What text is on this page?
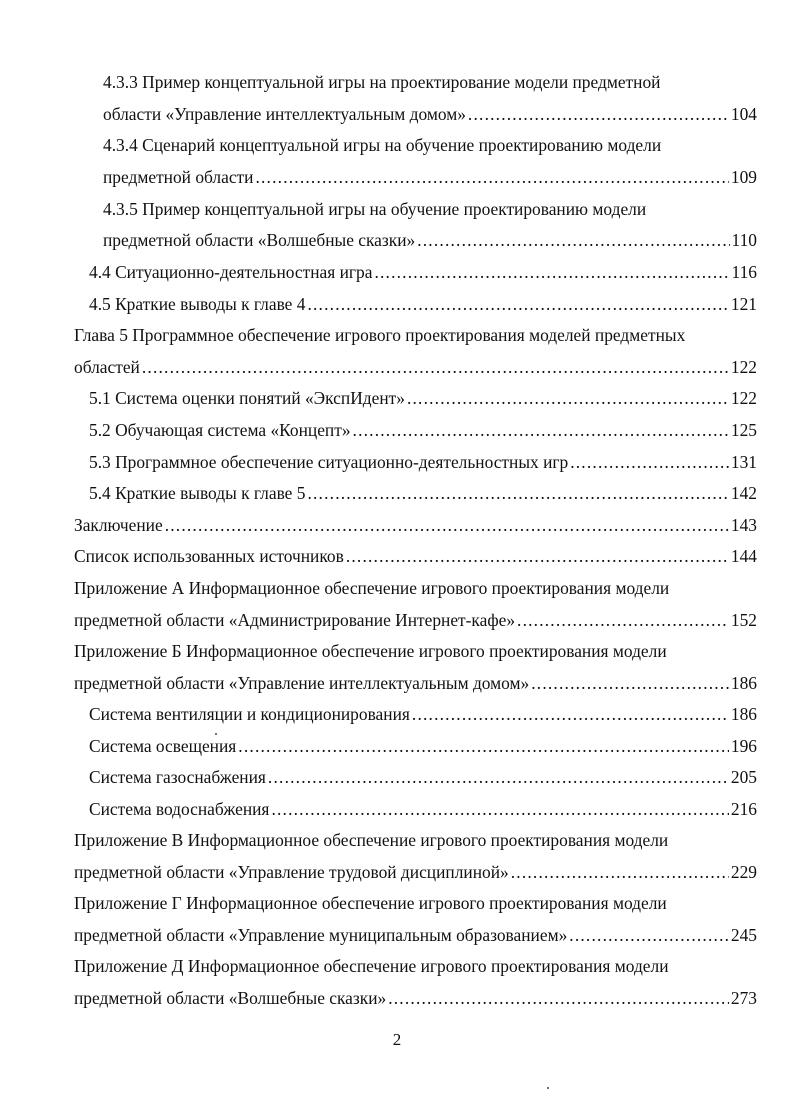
4.3.3 Пример концептуальной игры на проектирование модели предметной
области «Управление интеллектуальным домом» .....	104
4.3.4 Сценарий концептуальной игры на обучение проектированию модели
предметной области .....	109
4.3.5 Пример концептуальной игры на обучение проектированию модели
предметной области «Волшебные сказки» .....	110
4.4 Ситуационно-деятельностная игра .....	116
4.5 Краткие выводы к главе 4 .....	121
Глава 5 Программное обеспечение игрового проектирования моделей предметных
областей .....	122
5.1 Система оценки понятий «ЭкспИдент» .....	122
5.2 Обучающая система «Концепт» .....	125
5.3 Программное обеспечение ситуационно-деятельностных игр .....	131
5.4 Краткие выводы к главе 5 .....	142
Заключение .....	143
Список использованных источников .....	144
Приложение А Информационное обеспечение игрового проектирования модели
предметной области «Администрирование Интернет-кафе» .....	152
Приложение Б Информационное обеспечение игрового проектирования модели
предметной области «Управление интеллектуальным домом» .....	186
Система вентиляции и кондиционирования .....	186
Система освещения .....	196
Система газоснабжения .....	205
Система водоснабжения .....	216
Приложение В Информационное обеспечение игрового проектирования модели
предметной области «Управление трудовой дисциплиной» .....	229
Приложение Г Информационное обеспечение игрового проектирования модели
предметной области «Управление муниципальным образованием» .....	245
Приложение Д Информационное обеспечение игрового проектирования модели
предметной области «Волшебные сказки» .....	273
2
